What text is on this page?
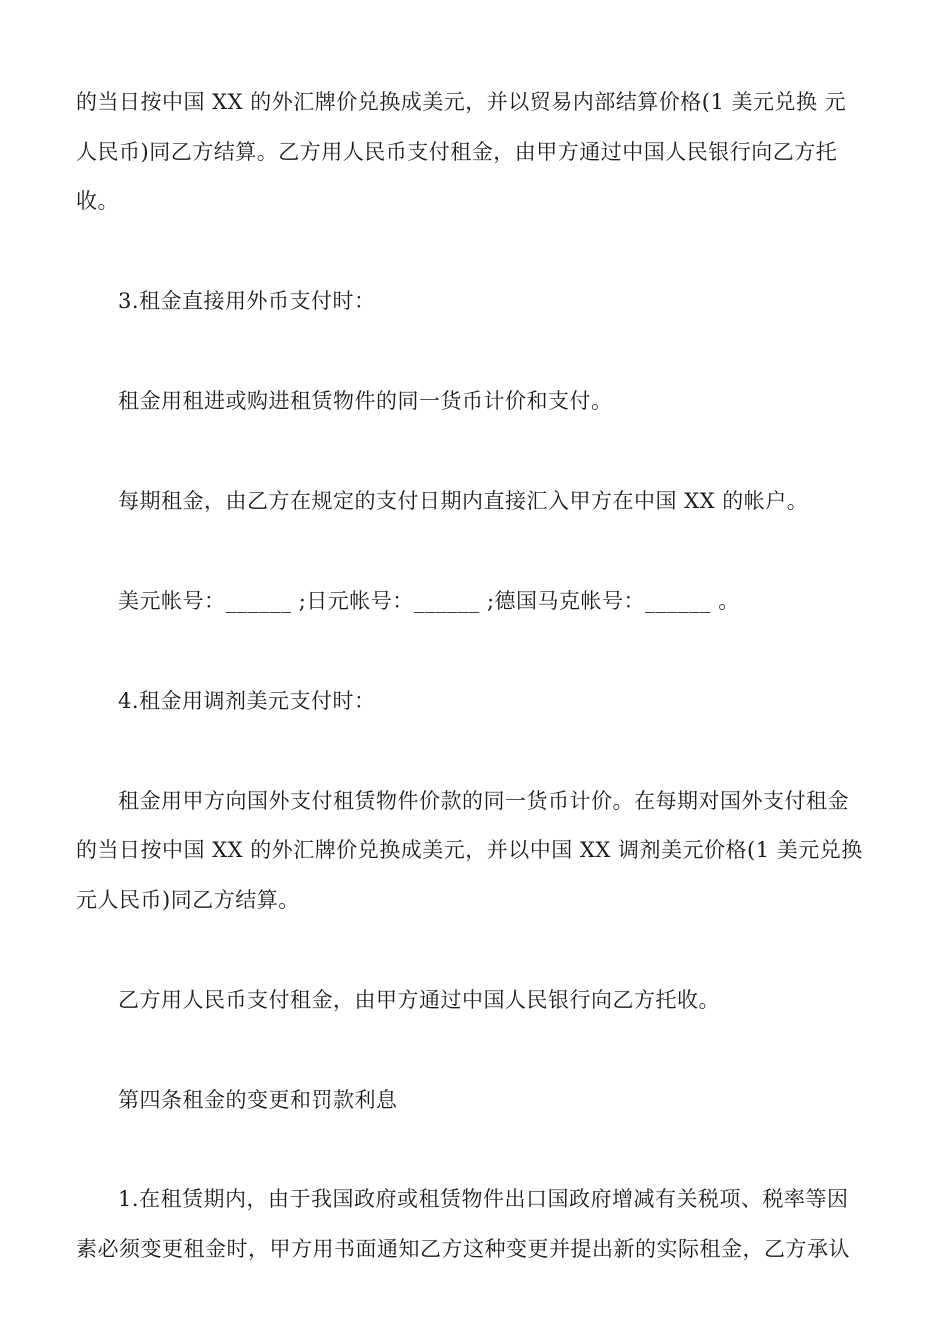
的当日按中国 XX 的外汇牌价兑换成美元，并以贸易内部结算价格(1 美元兑换 元
人民币)同乙方结算。乙方用人民币支付租金，由甲方通过中国人民银行向乙方托
收。
3.租金直接用外币支付时：
租金用租进或购进租赁物件的同一货币计价和支付。
每期租金，由乙方在规定的支付日期内直接汇入甲方在中国 XX 的帐户。
美元帐号：______ ;日元帐号：______ ;德国马克帐号：______ 。
4.租金用调剂美元支付时：
租金用甲方向国外支付租赁物件价款的同一货币计价。在每期对国外支付租金
的当日按中国 XX 的外汇牌价兑换成美元，并以中国 XX 调剂美元价格(1 美元兑换
元人民币)同乙方结算。
乙方用人民币支付租金，由甲方通过中国人民银行向乙方托收。
第四条租金的变更和罚款利息
1.在租赁期内，由于我国政府或租赁物件出口国政府增减有关税项、税率等因
素必须变更租金时，甲方用书面通知乙方这种变更并提出新的实际租金，乙方承认
